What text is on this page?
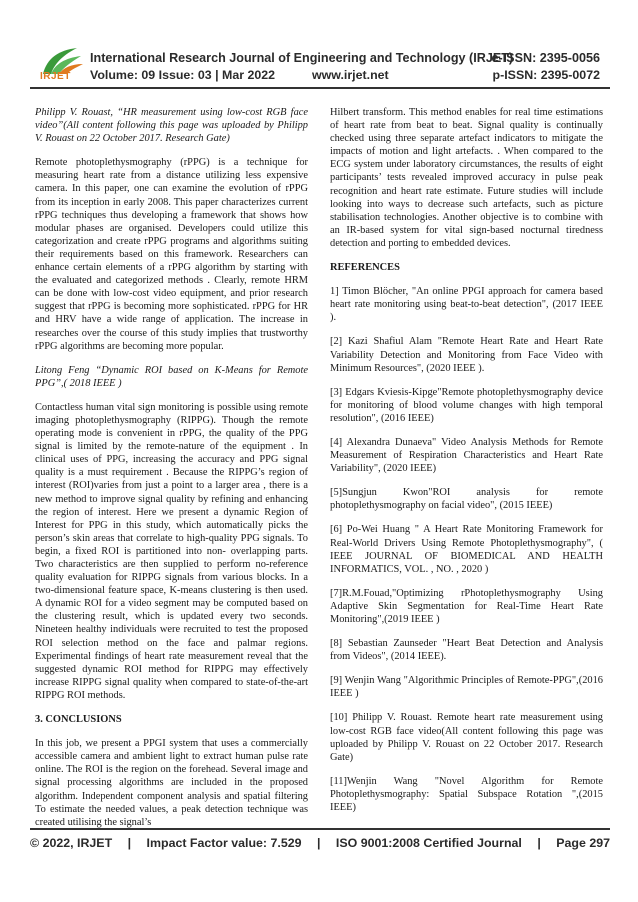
IRJET
International Research Journal of Engineering and Technology (IRJET)
Volume: 09 Issue: 03 | Mar 2022	www.irjet.net
e-ISSN: 2395-0056
p-ISSN: 2395-0072

Philipp V. Rouast, “HR measurement using low-cost RGB face video”(All content following this page was uploaded by Philipp V. Rouast on 22 October 2017. Research Gate)

Remote photoplethysmography (rPPG) is a technique for measuring heart rate from a distance utilizing less expensive camera. In this paper, one can examine the evolution of rPPG from its inception in early 2008. This paper characterizes current rPPG techniques thus developing a framework that shows how modular phases are organised. Developers could utilize this categorization and create rPPG programs and algorithms suiting their requirements based on this framework. Researchers can enhance certain elements of a rPPG algorithm by starting with the evaluated and categorized methods . Clearly, remote HRM can be done with low-cost video equipment, and prior research suggest that rPPG is becoming more sophisticated. rPPG for HR and HRV have a wide range of application. The increase in researches over the course of this study implies that trustworthy rPPG algorithms are becoming more popular.

Litong Feng “Dynamic ROI based on K-Means for Remote PPG”,( 2018 IEEE )

Contactless human vital sign monitoring is possible using remote imaging photoplethysmography (RIPPG). Though the remote operating mode is convenient in rPPG, the quality of the PPG signal is limited by the remote-nature of the equipment . In clinical uses of PPG, increasing the accuracy and PPG signal quality is a must requirement . Because the RIPPG’s region of interest (ROI)varies from just a point to a larger area , there is a new method to improve signal quality by refining and enhancing the region of interest. Here we present a dynamic Region of Interest for PPG in this study, which automatically picks the person’s skin areas that correlate to high-quality PPG signals. To begin, a fixed ROI is partitioned into non- overlapping parts. Two characteristics are then supplied to perform no-reference quality evaluation for RIPPG signals from various blocks. In a two-dimensional feature space, K-means clustering is then used. A dynamic ROI for a video segment may be computed based on the clustering result, which is updated every two seconds. Nineteen healthy individuals were recruited to test the proposed ROI selection method on the face and palmar regions. Experimental findings of heart rate measurement reveal that the suggested dynamic ROI method for RIPPG may effectively increase RIPPG signal quality when compared to state-of-the-art RIPPG ROI methods.

3. CONCLUSIONS

In this job, we present a PPGI system that uses a commercially accessible camera and ambient light to extract human pulse rate online. The ROI is the region on the forehead. Several image and signal processing algorithms are included in the proposed algorithm. Independent component analysis and spatial filtering To estimate the needed values, a peak detection technique was created utilising the signal’s

Hilbert transform. This method enables for real time estimations of heart rate from beat to beat. Signal quality is continually checked using three separate artefact indicators to mitigate the impacts of motion and light artefacts. . When compared to the ECG system under laboratory circumstances, the results of eight participants’ tests revealed improved accuracy in pulse peak recognition and heart rate estimate. Future studies will include looking into ways to decrease such artefacts, such as picture stabilisation technologies. Another objective is to combine with an IR-based system for vital sign-based nocturnal tiredness detection and porting to embedded devices.

REFERENCES

1] Timon Blöcher, "An online PPGI approach for camera based heart rate monitoring using beat-to-beat detection", (2017 IEEE ).

[2] Kazi Shafiul Alam "Remote Heart Rate and Heart Rate Variability Detection and Monitoring from Face Video with Minimum Resources", (2020 IEEE ).

[3] Edgars Kviesis-Kipge"Remote photoplethysmography device for monitoring of blood volume changes with high temporal resolution", (2016 IEEE)

[4] Alexandra Dunaeva" Video Analysis Methods for Remote Measurement of Respiration Characteristics and Heart Rate Variability", (2020 IEEE)

[5]Sungjun Kwon"ROI analysis for remote photoplethysmography on facial video", (2015 IEEE)

[6] Po-Wei Huang " A Heart Rate Monitoring Framework for Real-World Drivers Using Remote Photoplethysmography", ( IEEE JOURNAL OF BIOMEDICAL AND HEALTH INFORMATICS, VOL. , NO. , 2020 )

[7]R.M.Fouad,"Optimizing rPhotoplethysmography Using Adaptive Skin Segmentation for Real-Time Heart Rate Monitoring",(2019 IEEE )

[8] Sebastian Zaunseder "Heart Beat Detection and Analysis from Videos", (2014 IEEE).

[9] Wenjin Wang "Algorithmic Principles of Remote-PPG",(2016 IEEE )

[10] Philipp V. Rouast. Remote heart rate measurement using low-cost RGB face video(All content following this page was uploaded by Philipp V. Rouast on 22 October 2017. Research Gate)

[11]Wenjin Wang "Novel Algorithm for Remote Photoplethysmography: Spatial Subspace Rotation ",(2015 IEEE)

© 2022, IRJET | Impact Factor value: 7.529 | ISO 9001:2008 Certified Journal | Page 297
